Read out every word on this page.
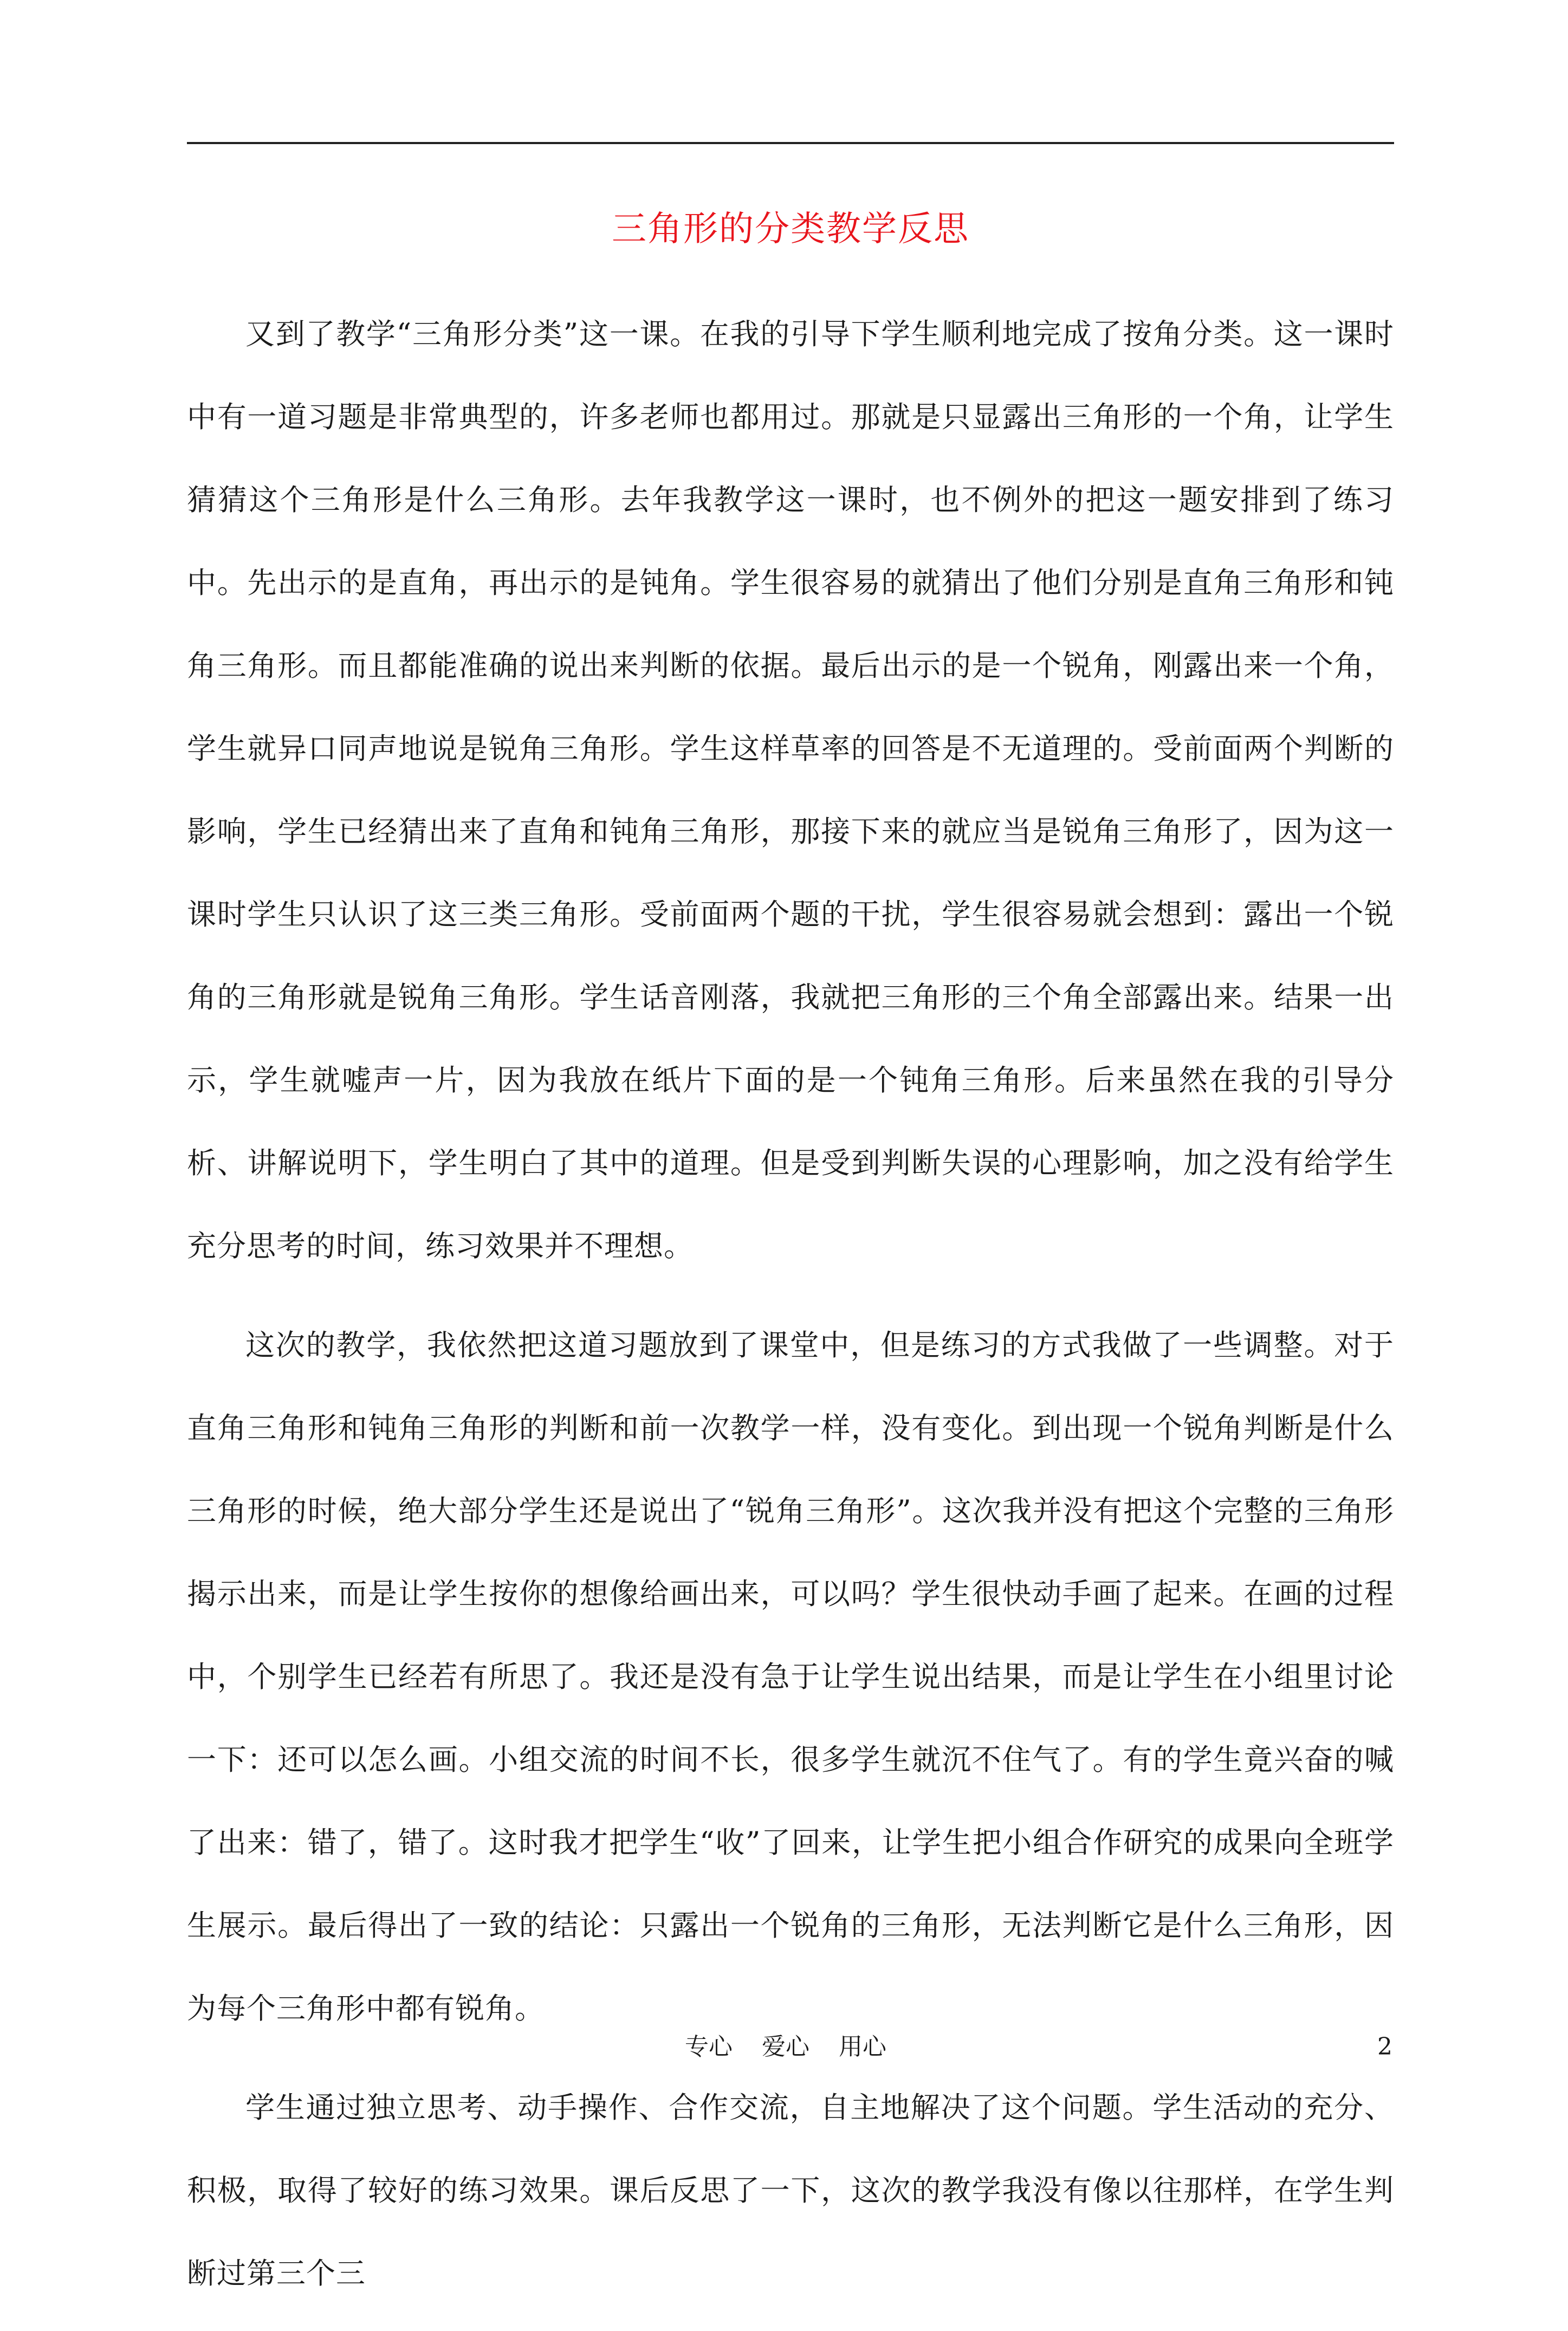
三角形的分类教学反思

又到了教学“三角形分类”这一课。在我的引导下学生顺利地完成了按角分类。这一课时中有一道习题是非常典型的，许多老师也都用过。那就是只显露出三角形的一个角，让学生猜猜这个三角形是什么三角形。去年我教学这一课时，也不例外的把这一题安排到了练习中。先出示的是直角，再出示的是钝角。学生很容易的就猜出了他们分别是直角三角形和钝角三角形。而且都能准确的说出来判断的依据。最后出示的是一个锐角，刚露出来一个角，学生就异口同声地说是锐角三角形。学生这样草率的回答是不无道理的。受前面两个判断的影响，学生已经猜出来了直角和钝角三角形，那接下来的就应当是锐角三角形了，因为这一课时学生只认识了这三类三角形。受前面两个题的干扰，学生很容易就会想到：露出一个锐角的三角形就是锐角三角形。学生话音刚落，我就把三角形的三个角全部露出来。结果一出示，学生就嘘声一片，因为我放在纸片下面的是一个钝角三角形。后来虽然在我的引导分析、讲解说明下，学生明白了其中的道理。但是受到判断失误的心理影响，加之没有给学生充分思考的时间，练习效果并不理想。

这次的教学，我依然把这道习题放到了课堂中，但是练习的方式我做了一些调整。对于直角三角形和钝角三角形的判断和前一次教学一样，没有变化。到出现一个锐角判断是什么三角形的时候，绝大部分学生还是说出了“锐角三角形”。这次我并没有把这个完整的三角形揭示出来，而是让学生按你的想像给画出来，可以吗？学生很快动手画了起来。在画的过程中，个别学生已经若有所思了。我还是没有急于让学生说出结果，而是让学生在小组里讨论一下：还可以怎么画。小组交流的时间不长，很多学生就沉不住气了。有的学生竟兴奋的喊了出来：错了，错了。这时我才把学生“收”了回来，让学生把小组合作研究的成果向全班学生展示。最后得出了一致的结论：只露出一个锐角的三角形，无法判断它是什么三角形，因为每个三角形中都有锐角。

学生通过独立思考、动手操作、合作交流，自主地解决了这个问题。学生活动的充分、积极，取得了较好的练习效果。课后反思了一下，这次的教学我没有像以往那样，在学生判断过第三个三

专心 爱心 用心	2
